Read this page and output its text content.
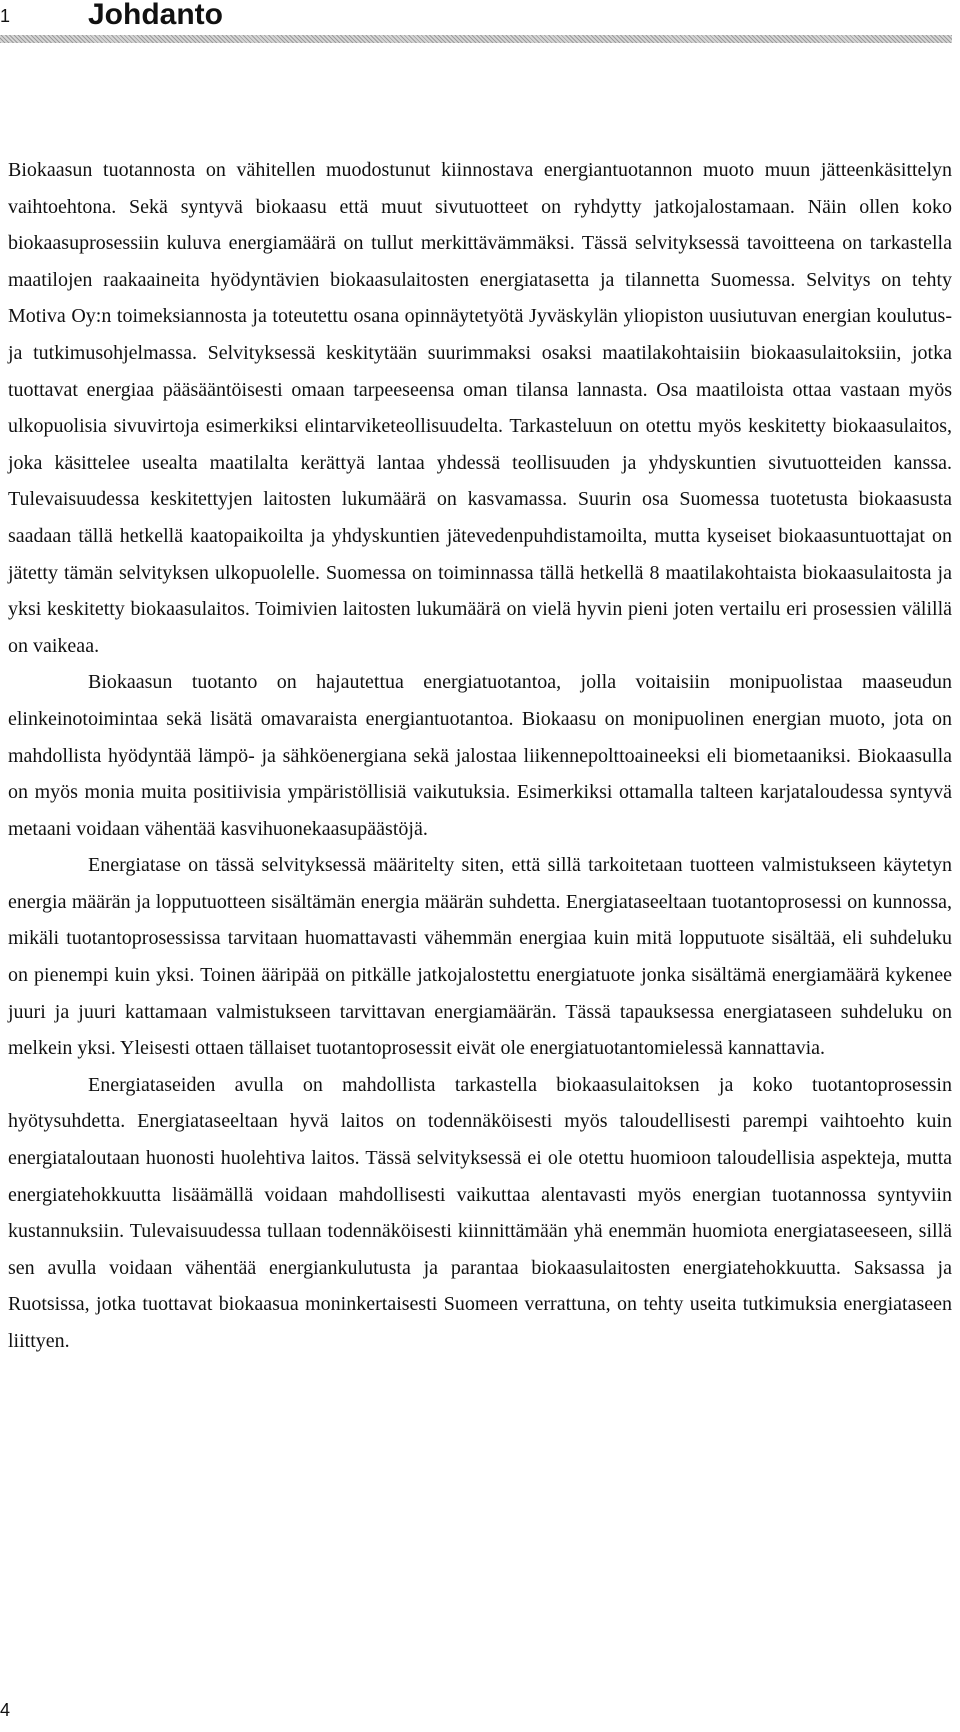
1	Johdanto

Biokaasun tuotannosta on vähitellen muodostunut kiinnostava energiantuotannon muoto muun jätteenkäsittelyn vaihtoehtona. Sekä syntyvä biokaasu että muut sivutuotteet on ryhdytty jatkojalostamaan. Näin ollen koko biokaasuprosessiin kuluva energiamäärä on tullut merkittävämmäksi. Tässä selvityksessä tavoitteena on tarkastella maatilojen raakaaineita hyödyntävien biokaasulaitosten energiatasetta ja tilannetta Suomessa. Selvitys on tehty Motiva Oy:n toimeksiannosta ja toteutettu osana opinnäytetyötä Jyväskylän yliopiston uusiutuvan energian koulutus- ja tutkimusohjelmassa. Selvityksessä keskitytään suurimmaksi osaksi maatilakohtaisiin biokaasulaitoksiin, jotka tuottavat energiaa pääsääntöisesti omaan tarpeeseensa oman tilansa lannasta. Osa maatiloista ottaa vastaan myös ulkopuolisia sivuvirtoja esimerkiksi elintarviketeollisuudelta. Tarkasteluun on otettu myös keskitetty biokaasulaitos, joka käsittelee usealta maatilalta kerättyä lantaa yhdessä teollisuuden ja yhdyskuntien sivutuotteiden kanssa. Tulevaisuudessa keskitettyjen laitosten lukumäärä on kasvamassa. Suurin osa Suomessa tuotetusta biokaasusta saadaan tällä hetkellä kaatopaikoilta ja yhdyskuntien jätevedenpuhdistamoilta, mutta kyseiset biokaasuntuottajat on jätetty tämän selvityksen ulkopuolelle. Suomessa on toiminnassa tällä hetkellä 8 maatilakohtaista biokaasulaitosta ja yksi keskitetty biokaasulaitos. Toimivien laitosten lukumäärä on vielä hyvin pieni joten vertailu eri prosessien välillä on vaikeaa.

Biokaasun tuotanto on hajautettua energiatuotantoa, jolla voitaisiin monipuolistaa maaseudun elinkeinotoimintaa sekä lisätä omavaraista energiantuotantoa. Biokaasu on monipuolinen energian muoto, jota on mahdollista hyödyntää lämpö- ja sähköenergiana sekä jalostaa liikennepolttoaineeksi eli biometaaniksi. Biokaasulla on myös monia muita positiivisia ympäristöllisiä vaikutuksia. Esimerkiksi ottamalla talteen karjataloudessa syntyvä metaani voidaan vähentää kasvihuonekaasupäästöjä.

Energiatase on tässä selvityksessä määritelty siten, että sillä tarkoitetaan tuotteen valmistukseen käytetyn energia määrän ja lopputuotteen sisältämän energia määrän suhdetta. Energiataseeltaan tuotantoprosessi on kunnossa, mikäli tuotantoprosessissa tarvitaan huomattavasti vähemmän energiaa kuin mitä lopputuote sisältää, eli suhdeluku on pienempi kuin yksi. Toinen ääripää on pitkälle jatkojalostettu energiatuote jonka sisältämä energiamäärä kykenee juuri ja juuri kattamaan valmistukseen tarvittavan energiamäärän. Tässä tapauksessa energiataseen suhdeluku on melkein yksi. Yleisesti ottaen tällaiset tuotantoprosessit eivät ole energiatuotantomielessä kannattavia.

Energiataseiden avulla on mahdollista tarkastella biokaasulaitoksen ja koko tuotantoprosessin hyötysuhdetta. Energiataseeltaan hyvä laitos on todennäköisesti myös taloudellisesti parempi vaihtoehto kuin energiataloutaan huonosti huolehtiva laitos. Tässä selvityksessä ei ole otettu huomioon taloudellisia aspekteja, mutta energiatehokkuutta lisäämällä voidaan mahdollisesti vaikuttaa alentavasti myös energian tuotannossa syntyviin kustannuksiin. Tulevaisuudessa tullaan todennäköisesti kiinnittämään yhä enemmän huomiota energiataseeseen, sillä sen avulla voidaan vähentää energiankulutusta ja parantaa biokaasulaitosten energiatehokkuutta. Saksassa ja Ruotsissa, jotka tuottavat biokaasua moninkertaisesti Suomeen verrattuna, on tehty useita tutkimuksia energiataseen liittyen.

4
